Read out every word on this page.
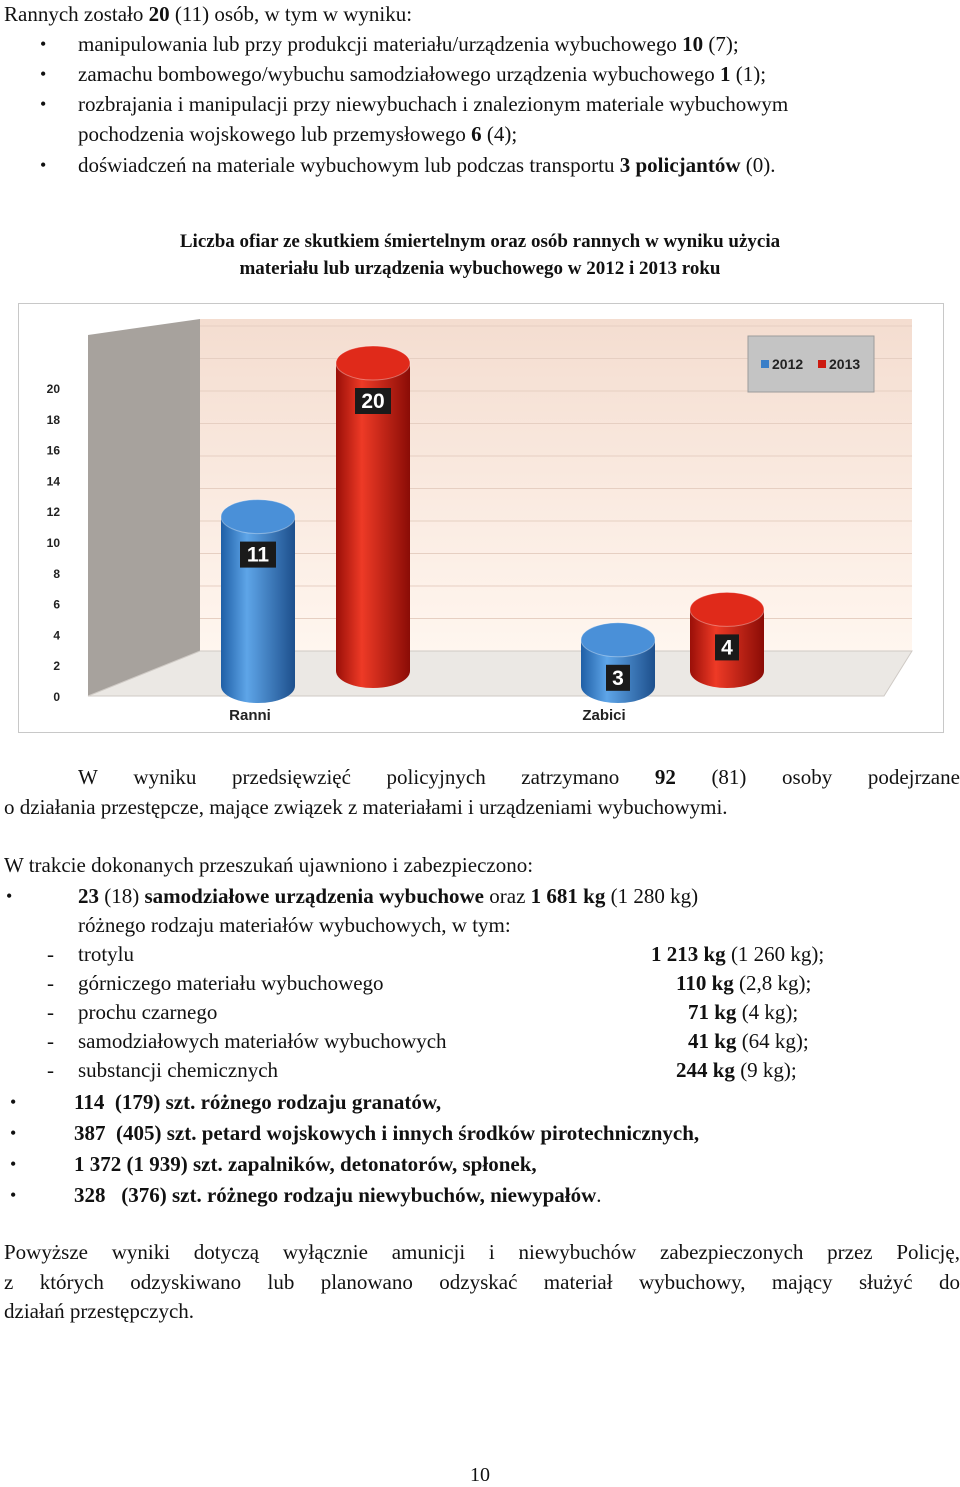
Rannych zostało 20 (11) osób, w tym w wyniku:
• manipulowania lub przy produkcji materiału/urządzenia wybuchowego 10 (7);
• zamachu bombowego/wybuchu samodziałowego urządzenia wybuchowego 1 (1);
• rozbrajania i manipulacji przy niewybuchach i znalezionym materiale wybuchowym
pochodzenia wojskowego lub przemysłowego 6 (4);
• doświadczeń na materiale wybuchowym lub podczas transportu 3 policjantów (0).
Liczba ofiar ze skutkiem śmiertelnym oraz osób rannych w wyniku użycia
materiału lub urządzenia wybuchowego w 2012 i 2013 roku
0
2
4
6
8
10
12
14
16
18
20
11
20
3
4
Ranni	Zabici
2012 2013
W wyniku przedsięwzięć policyjnych zatrzymano 92 (81) osoby podejrzane
o działania przestępcze, mające związek z materiałami i urządzeniami wybuchowymi.
W trakcie dokonanych przeszukań ujawniono i zabezpieczono:
•	23 (18) samodziałowe urządzenia wybuchowe oraz 1 681 kg (1 280 kg)
różnego rodzaju materiałów wybuchowych, w tym:
- trotylu	1 213 kg (1 260 kg);
- górniczego materiału wybuchowego	110 kg (2,8 kg);
- prochu czarnego	71 kg (4 kg);
- samodziałowych materiałów wybuchowych	41 kg (64 kg);
- substancji chemicznych	244 kg (9 kg);
•	114 (179) szt. różnego rodzaju granatów,
•	387 (405) szt. petard wojskowych i innych środków pirotechnicznych,
•	1 372 (1 939) szt. zapalników, detonatorów, spłonek,
•	328 (376) szt. różnego rodzaju niewybuchów, niewypałów.
Powyższe wyniki dotyczą wyłącznie amunicji i niewybuchów zabezpieczonych przez Policję,
z których odzyskiwano lub planowano odzyskać materiał wybuchowy, mający służyć do
działań przestępczych.
10
